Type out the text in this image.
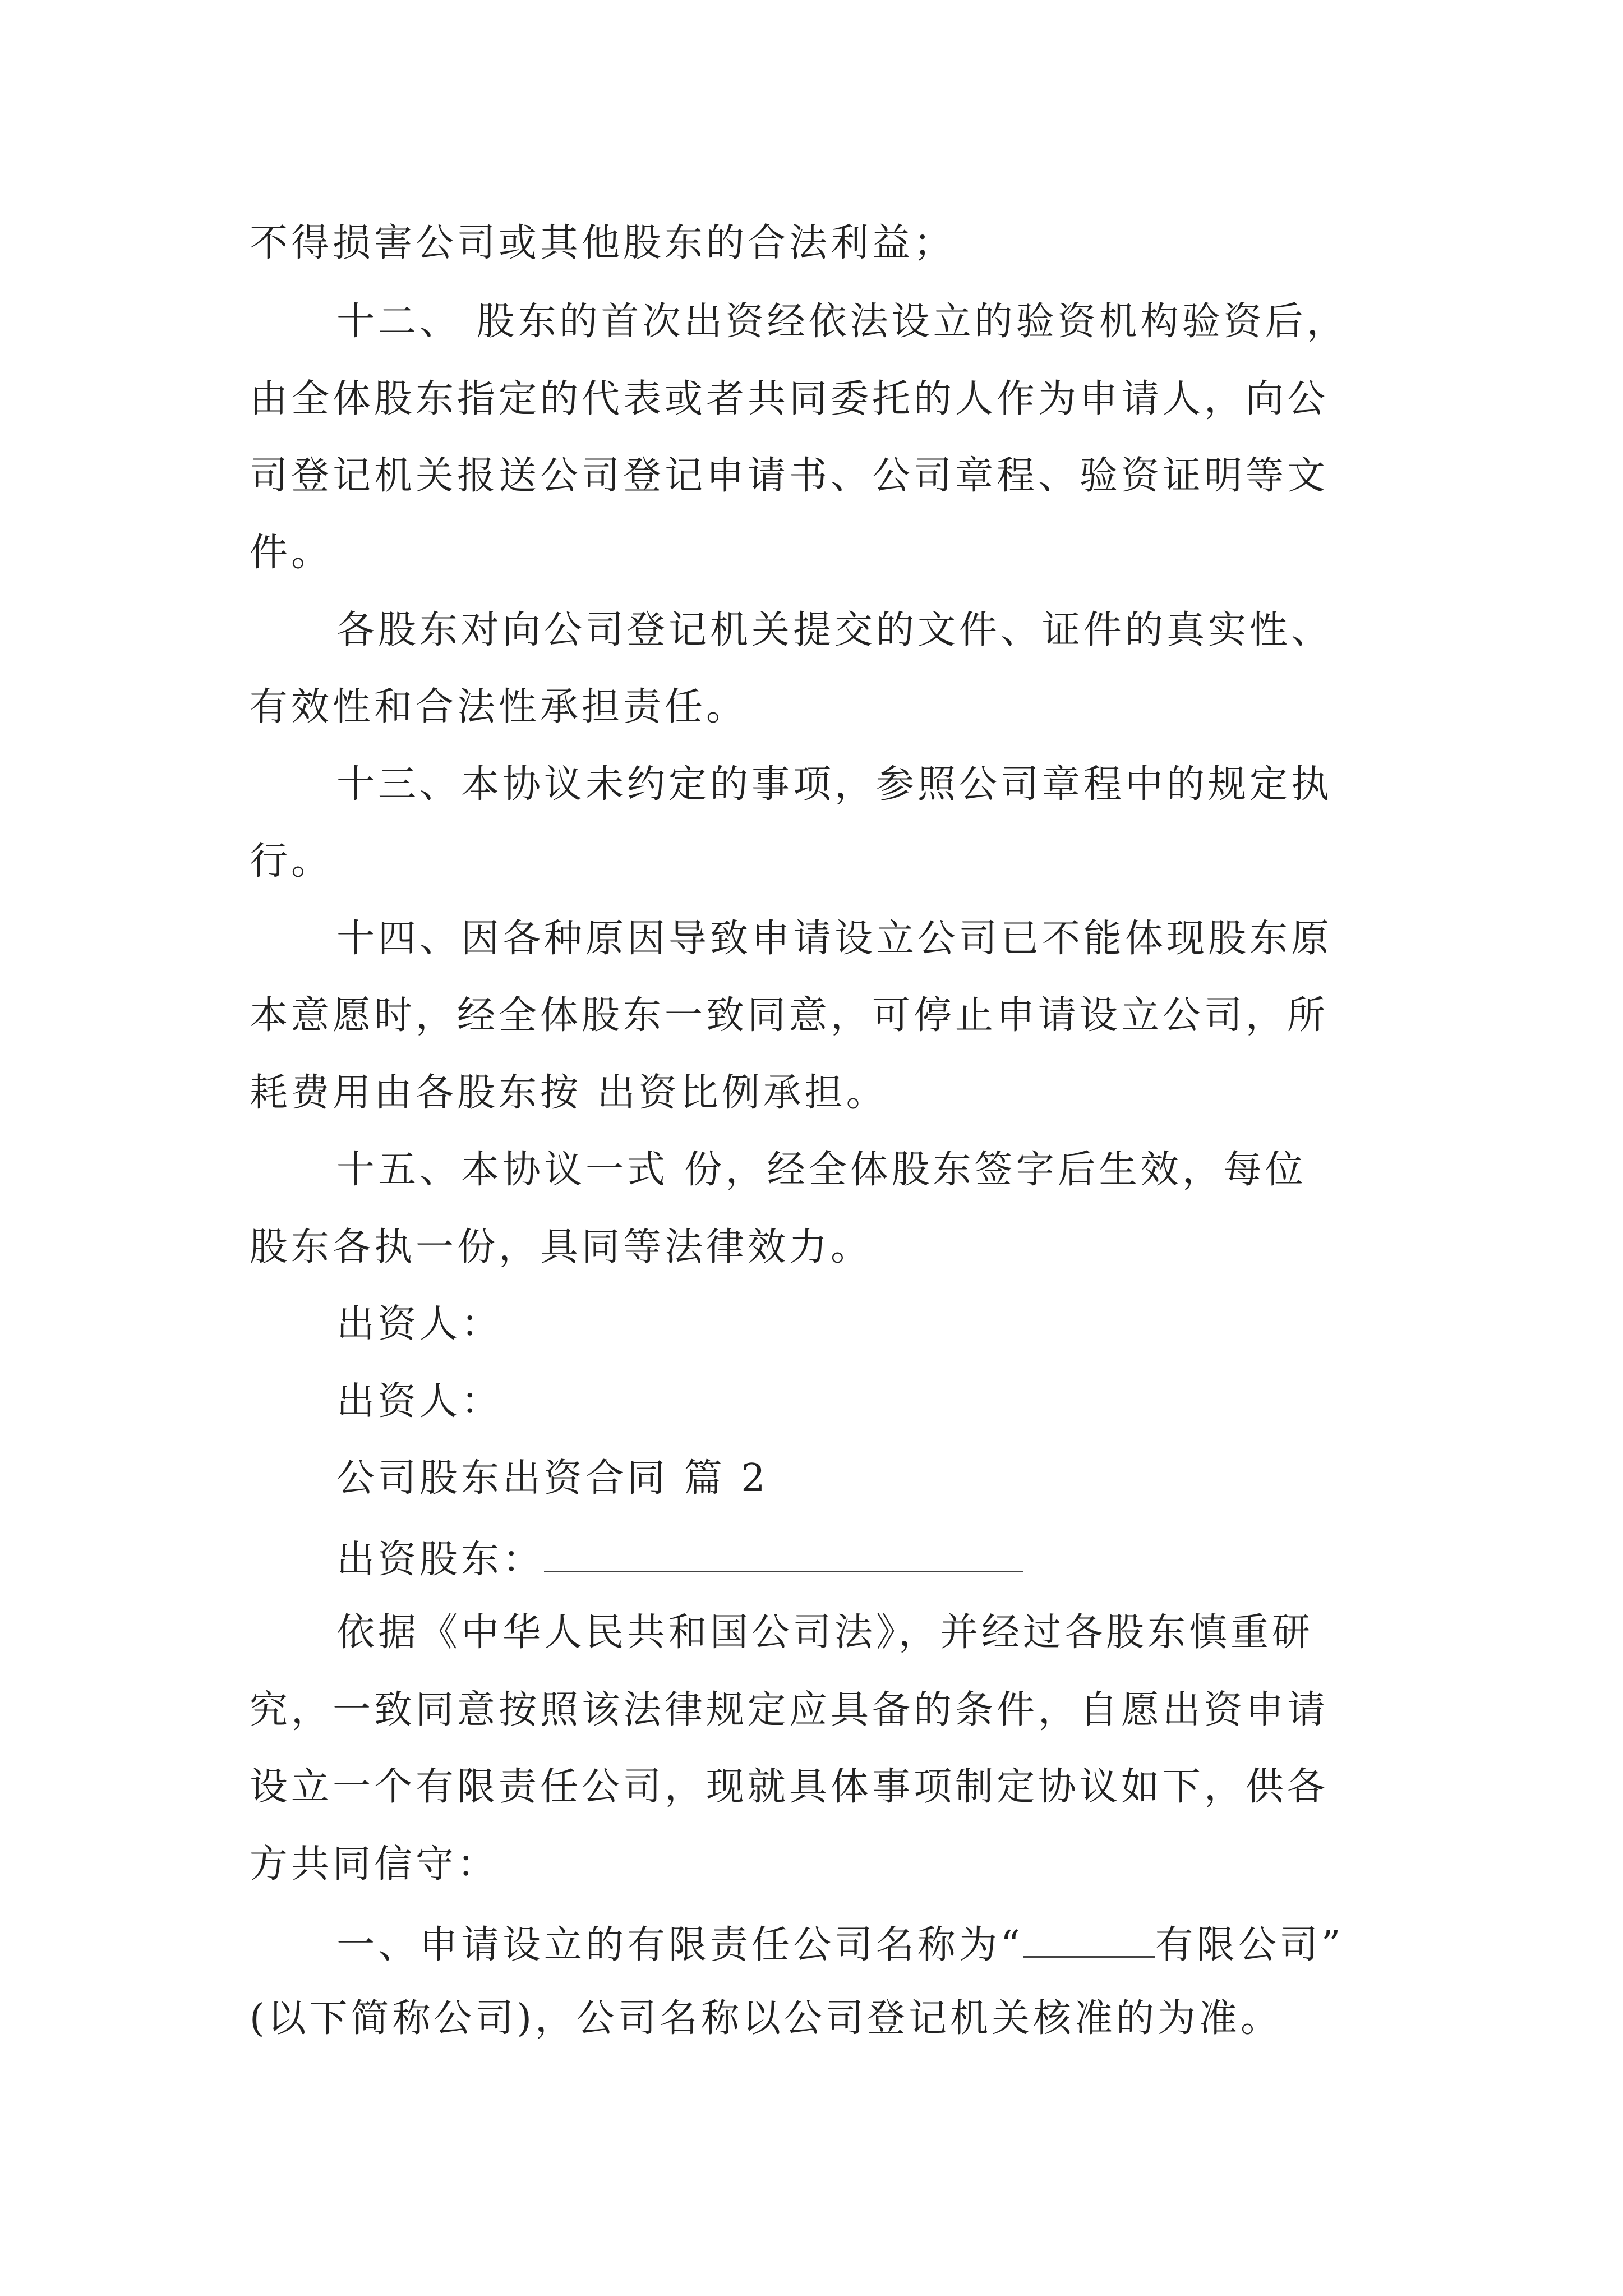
不得损害公司或其他股东的合法利益；
十二、 股东的首次出资经依法设立的验资机构验资后，
由全体股东指定的代表或者共同委托的人作为申请人，向公
司登记机关报送公司登记申请书、公司章程、验资证明等文
件。
各股东对向公司登记机关提交的文件、证件的真实性、
有效性和合法性承担责任。
十三、本协议未约定的事项，参照公司章程中的规定执
行。
十四、因各种原因导致申请设立公司已不能体现股东原
本意愿时，经全体股东一致同意，可停止申请设立公司，所
耗费用由各股东按 出资比例承担。
十五、本协议一式 份，经全体股东签字后生效，每位
股东各执一份，具同等法律效力。
出资人：
出资人：
公司股东出资合同 篇 2
出资股东：
依据《中华人民共和国公司法》，并经过各股东慎重研
究，一致同意按照该法律规定应具备的条件，自愿出资申请
设立一个有限责任公司，现就具体事项制定协议如下，供各
方共同信守：
一、申请设立的有限责任公司名称为“	有限公司”
(以下简称公司)，公司名称以公司登记机关核准的为准。
